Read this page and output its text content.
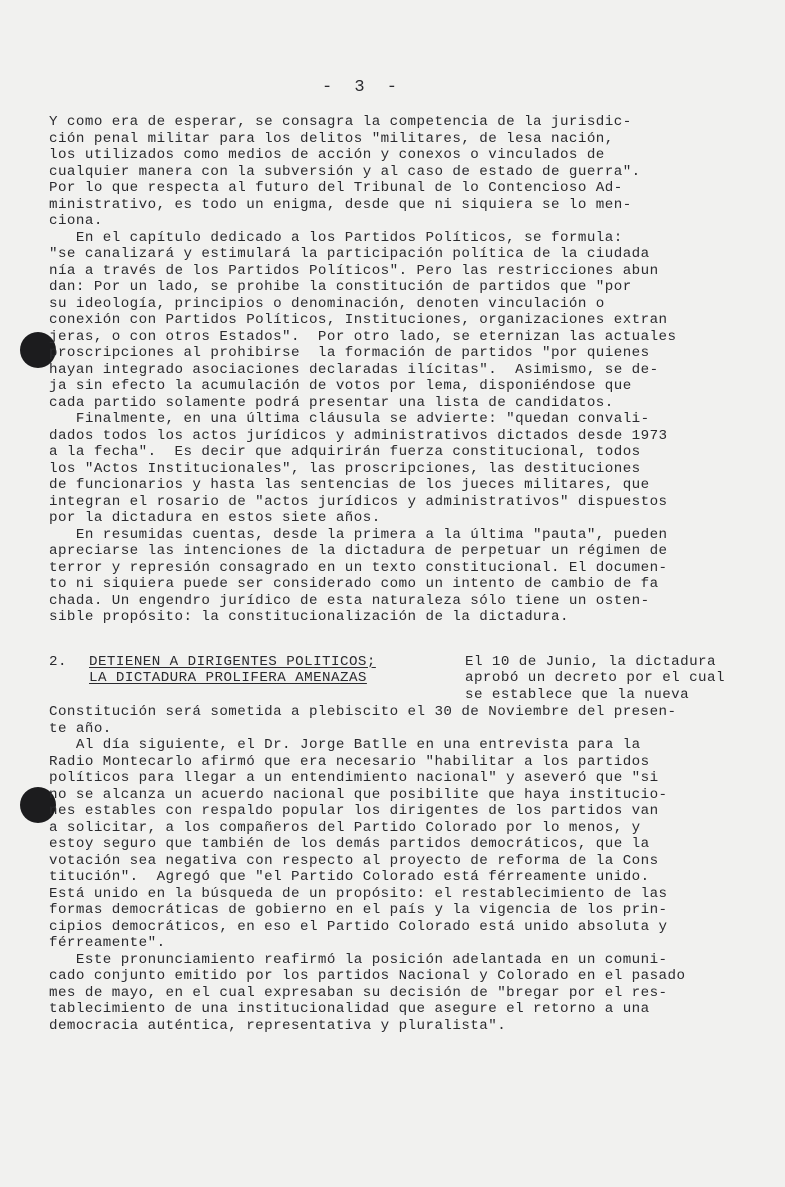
- 3 -

Y como era de esperar, se consagra la competencia de la jurisdic-

ción penal militar para los delitos "militares, de lesa nación,

los utilizados como medios de acción y conexos o vinculados de

cualquier manera con la subversión y al caso de estado de guerra".

Por lo que respecta al futuro del Tribunal de lo Contencioso Ad-

ministrativo, es todo un enigma, desde que ni siquiera se lo men-

ciona.

En el capítulo dedicado a los Partidos Políticos, se formula:

"se canalizará y estimulará la participación política de la ciudada

nía a través de los Partidos Políticos". Pero las restricciones abun

dan: Por un lado, se prohibe la constitución de partidos que "por

su ideología, principios o denominación, denoten vinculación o

conexión con Partidos Políticos, Instituciones, organizaciones extran

jeras, o con otros Estados".  Por otro lado, se eternizan las actuales

proscripciones al prohibirse  la formación de partidos "por quienes

hayan integrado asociaciones declaradas ilícitas".  Asimismo, se de-

ja sin efecto la acumulación de votos por lema, disponiéndose que

cada partido solamente podrá presentar una lista de candidatos.

Finalmente, en una última cláusula se advierte: "quedan convali-

dados todos los actos jurídicos y administrativos dictados desde 1973

a la fecha".  Es decir que adquirirán fuerza constitucional, todos

los "Actos Institucionales", las proscripciones, las destituciones

de funcionarios y hasta las sentencias de los jueces militares, que

integran el rosario de "actos jurídicos y administrativos" dispuestos

por la dictadura en estos siete años.

En resumidas cuentas, desde la primera a la última "pauta", pueden

apreciarse las intenciones de la dictadura de perpetuar un régimen de

terror y represión consagrado en un texto constitucional. El documen-

to ni siquiera puede ser considerado como un intento de cambio de fa

chada. Un engendro jurídico de esta naturaleza sólo tiene un osten-

sible propósito: la constitucionalización de la dictadura.

2. DETIENEN A DIRIGENTES POLITICOS;
LA DICTADURA PROLIFERA AMENAZAS
El 10 de Junio, la dictadura
aprobó un decreto por el cual
se establece que la nueva

Constitución será sometida a plebiscito el 30 de Noviembre del presen-

te año.

Al día siguiente, el Dr. Jorge Batlle en una entrevista para la

Radio Montecarlo afirmó que era necesario "habilitar a los partidos

políticos para llegar a un entendimiento nacional" y aseveró que "si

no se alcanza un acuerdo nacional que posibilite que haya institucio-

nes estables con respaldo popular los dirigentes de los partidos van

a solicitar, a los compañeros del Partido Colorado por lo menos, y

estoy seguro que también de los demás partidos democráticos, que la

votación sea negativa con respecto al proyecto de reforma de la Cons

titución".  Agregó que "el Partido Colorado está férreamente unido.

Está unido en la búsqueda de un propósito: el restablecimiento de las

formas democráticas de gobierno en el país y la vigencia de los prin-

cipios democráticos, en eso el Partido Colorado está unido absoluta y

férreamente".

Este pronunciamiento reafirmó la posición adelantada en un comuni-

cado conjunto emitido por los partidos Nacional y Colorado en el pasado

mes de mayo, en el cual expresaban su decisión de "bregar por el res-

tablecimiento de una institucionalidad que asegure el retorno a una

democracia auténtica, representativa y pluralista".
